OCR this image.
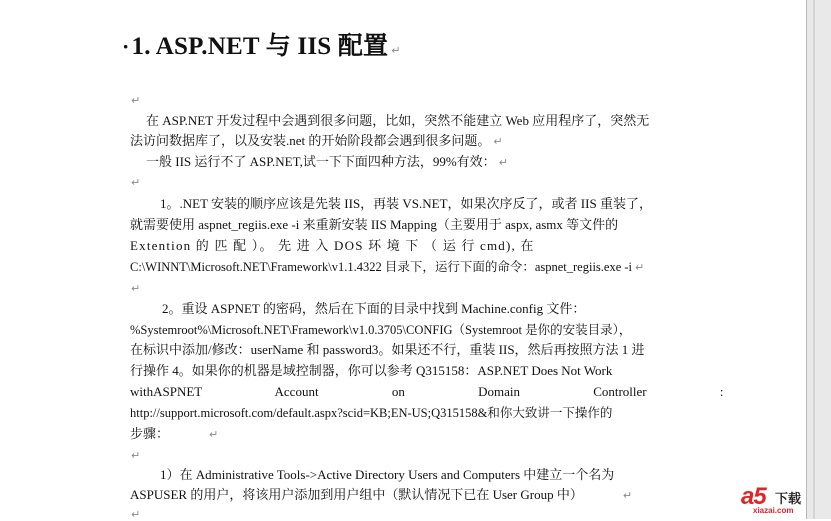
·1. ASP.NET 与 IIS 配置 ↵
↵
在 ASP.NET 开发过程中会遇到很多问题，比如，突然不能建立 Web 应用程序了，突然无
法访问数据库了，以及安装.net 的开始阶段都会遇到很多问题。 ↵
一般 IIS 运行不了 ASP.NET,试一下下面四种方法，99%有效： ↵
↵
1。.NET 安装的顺序应该是先装 IIS，再装 VS.NET，如果次序反了，或者 IIS 重装了，
就需要使用 aspnet_regiis.exe -i 来重新安装 IIS Mapping（主要用于 aspx, asmx 等文件的
Extention 的 匹 配 ）。 先 进 入 DOS 环 境 下 （ 运 行 cmd), 在
C:\WINNT\Microsoft.NET\Framework\v1.1.4322 目录下，运行下面的命令：aspnet_regiis.exe -i ↵
↵
2。重设 ASPNET 的密码，然后在下面的目录中找到 Machine.config 文件：
%Systemroot%\Microsoft.NET\Framework\v1.0.3705\CONFIG（Systemroot 是你的安装目录），
在标识中添加/修改：userName 和 password3。如果还不行，重装 IIS，然后再按照方法 1 进
行操作 4。如果你的机器是域控制器，你可以参考 Q315158：ASP.NET Does Not Work
withASPNET Account on Domain Controller :
http://support.microsoft.com/default.aspx?scid=KB;EN-US;Q315158&和你大致讲一下操作的
步骤：	↵
↵
1）在 Administrative Tools->Active Directory Users and Computers 中建立一个名为
ASPUSER 的用户，将该用户添加到用户组中（默认情况下已在 User Group 中）	↵
↵
a5 下载
xiazai.com
